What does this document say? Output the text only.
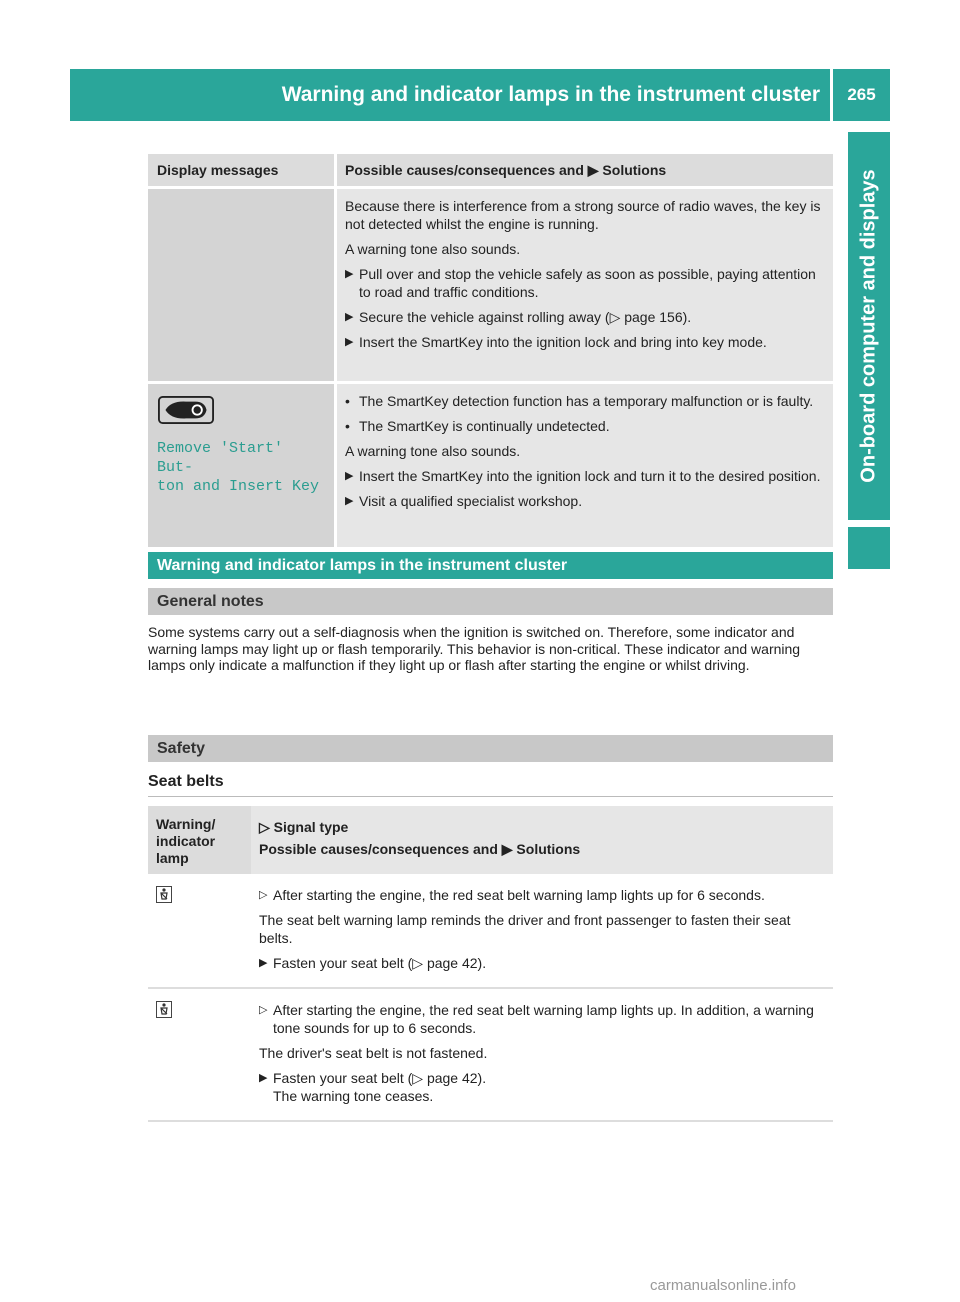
Warning and indicator lamps in the instrument cluster	265
On-board computer and displays
Display messages	Possible causes/consequences and ▶ Solutions

Because there is interference from a strong source of radio waves, the key is not detected whilst the engine is running.

A warning tone also sounds.

▶ Pull over and stop the vehicle safely as soon as possible, paying attention to road and traffic conditions.

▶ Secure the vehicle against rolling away (▷ page 156).

▶ Insert the SmartKey into the ignition lock and bring into key mode.

Remove 'Start' But‑
ton and Insert Key
• The SmartKey detection function has a temporary malfunction or is faulty.

• The SmartKey is continually undetected.

A warning tone also sounds.

▶ Insert the SmartKey into the ignition lock and turn it to the desired position.

▶ Visit a qualified specialist workshop.

Warning and indicator lamps in the instrument cluster
General notes
Some systems carry out a self-diagnosis when the ignition is switched on. Therefore, some indicator and warning lamps may light up or flash temporarily. This behavior is non-critical. These indicator and warning lamps only indicate a malfunction if they light up or flash after starting the engine or whilst driving.
Safety
Seat belts
Warning/ indicator lamp
▷ Signal type
Possible causes/consequences and ▶ Solutions
▷ After starting the engine, the red seat belt warning lamp lights up for 6 seconds.

The seat belt warning lamp reminds the driver and front passenger to fasten their seat belts.

▶ Fasten your seat belt (▷ page 42).

▷ After starting the engine, the red seat belt warning lamp lights up. In addition, a warning tone sounds for up to 6 seconds.

The driver's seat belt is not fastened.

▶ Fasten your seat belt (▷ page 42).

The warning tone ceases.

carmanualsonline.info
